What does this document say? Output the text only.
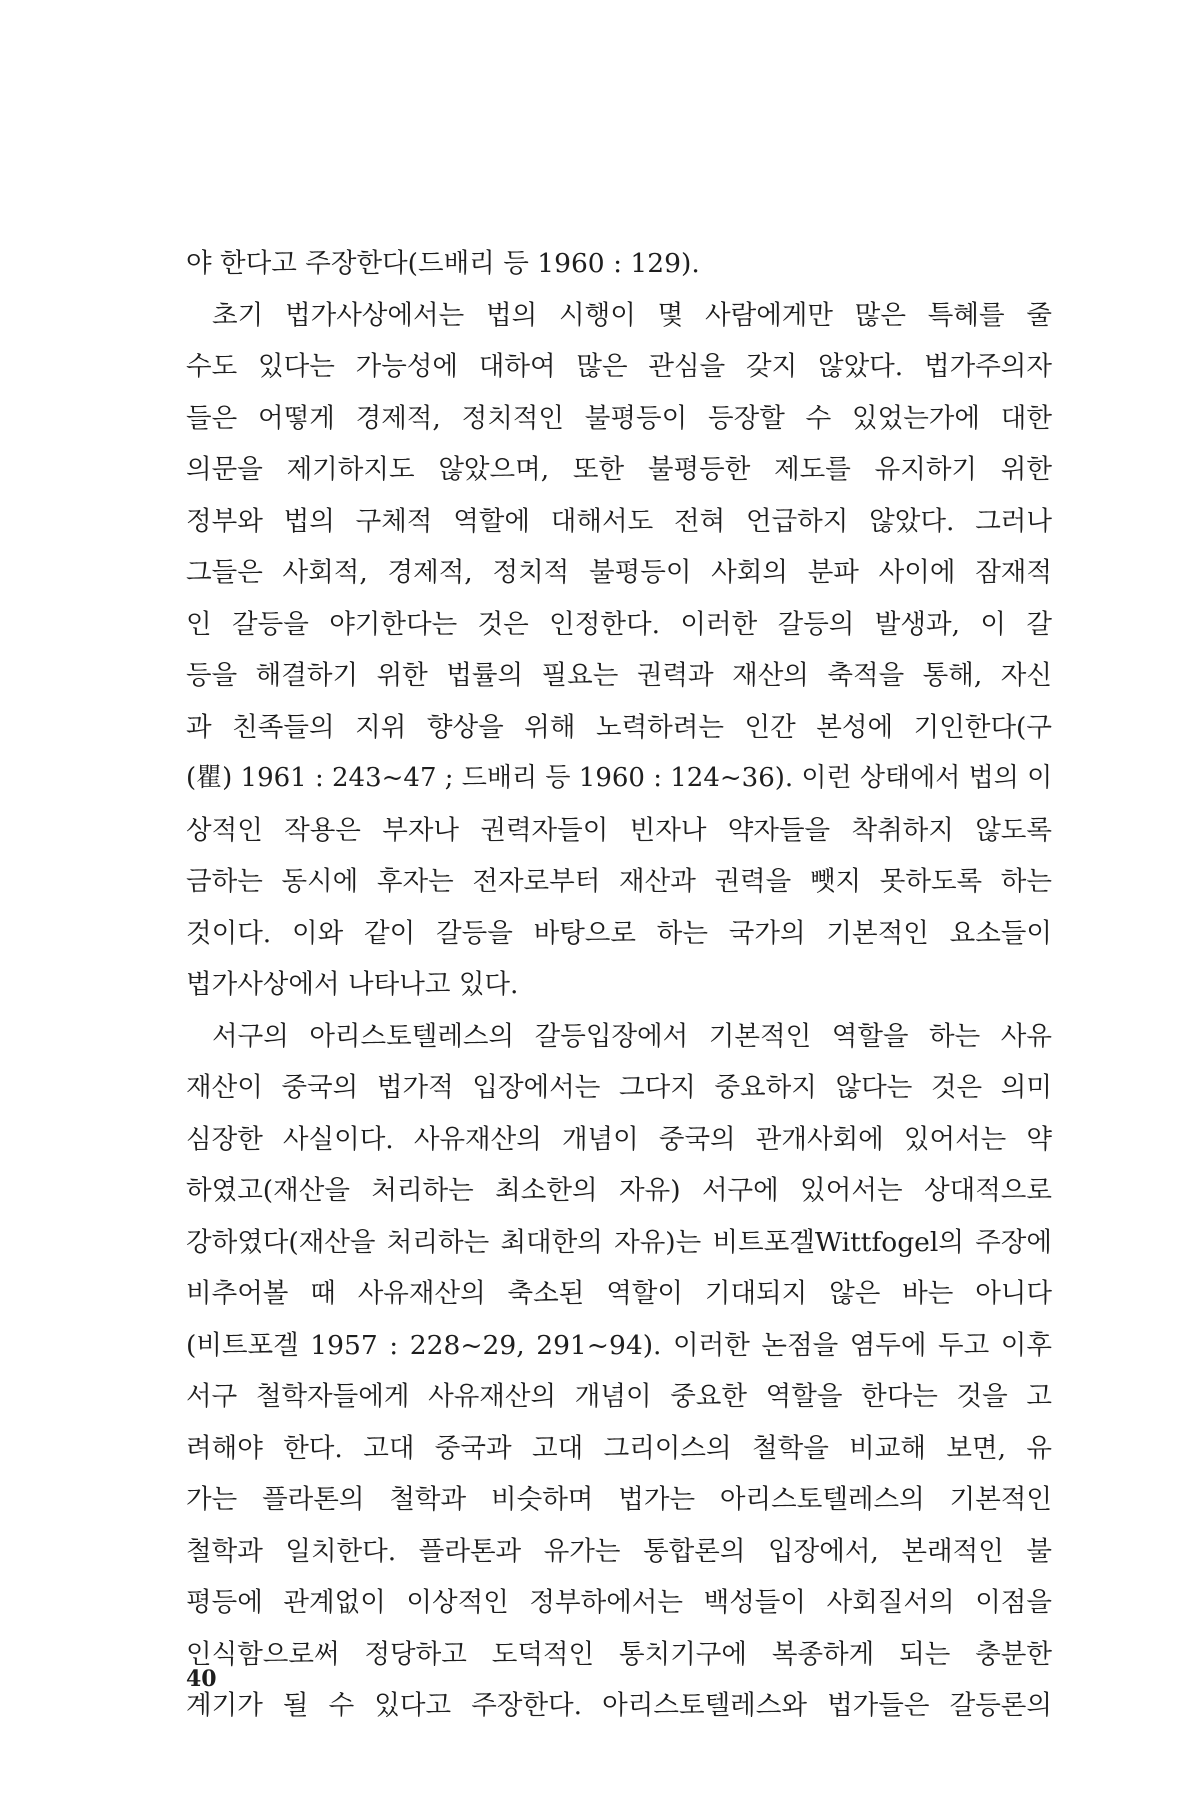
야 한다고 주장한다(드배리 등 1960 : 129).
초기 법가사상에서는 법의 시행이 몇 사람에게만 많은 특혜를 줄
수도 있다는 가능성에 대하여 많은 관심을 갖지 않았다. 법가주의자
들은 어떻게 경제적, 정치적인 불평등이 등장할 수 있었는가에 대한
의문을 제기하지도 않았으며, 또한 불평등한 제도를 유지하기 위한
정부와 법의 구체적 역할에 대해서도 전혀 언급하지 않았다. 그러나
그들은 사회적, 경제적, 정치적 불평등이 사회의 분파 사이에 잠재적
인 갈등을 야기한다는 것은 인정한다. 이러한 갈등의 발생과, 이 갈
등을 해결하기 위한 법률의 필요는 권력과 재산의 축적을 통해, 자신
과 친족들의 지위 향상을 위해 노력하려는 인간 본성에 기인한다(구
(瞿) 1961 : 243~47 ; 드배리 등 1960 : 124~36). 이런 상태에서 법의 이
상적인 작용은 부자나 권력자들이 빈자나 약자들을 착취하지 않도록
금하는 동시에 후자는 전자로부터 재산과 권력을 뺏지 못하도록 하는
것이다. 이와 같이 갈등을 바탕으로 하는 국가의 기본적인 요소들이
법가사상에서 나타나고 있다.
서구의 아리스토텔레스의 갈등입장에서 기본적인 역할을 하는 사유
재산이 중국의 법가적 입장에서는 그다지 중요하지 않다는 것은 의미
심장한 사실이다. 사유재산의 개념이 중국의 관개사회에 있어서는 약
하였고(재산을 처리하는 최소한의 자유) 서구에 있어서는 상대적으로
강하였다(재산을 처리하는 최대한의 자유)는 비트포겔Wittfogel의 주장에
비추어볼 때 사유재산의 축소된 역할이 기대되지 않은 바는 아니다
(비트포겔 1957 : 228~29, 291~94). 이러한 논점을 염두에 두고 이후
서구 철학자들에게 사유재산의 개념이 중요한 역할을 한다는 것을 고
려해야 한다. 고대 중국과 고대 그리이스의 철학을 비교해 보면, 유
가는 플라톤의 철학과 비슷하며 법가는 아리스토텔레스의 기본적인
철학과 일치한다. 플라톤과 유가는 통합론의 입장에서, 본래적인 불
평등에 관계없이 이상적인 정부하에서는 백성들이 사회질서의 이점을
인식함으로써 정당하고 도덕적인 통치기구에 복종하게 되는 충분한
계기가 될 수 있다고 주장한다. 아리스토텔레스와 법가들은 갈등론의
40
